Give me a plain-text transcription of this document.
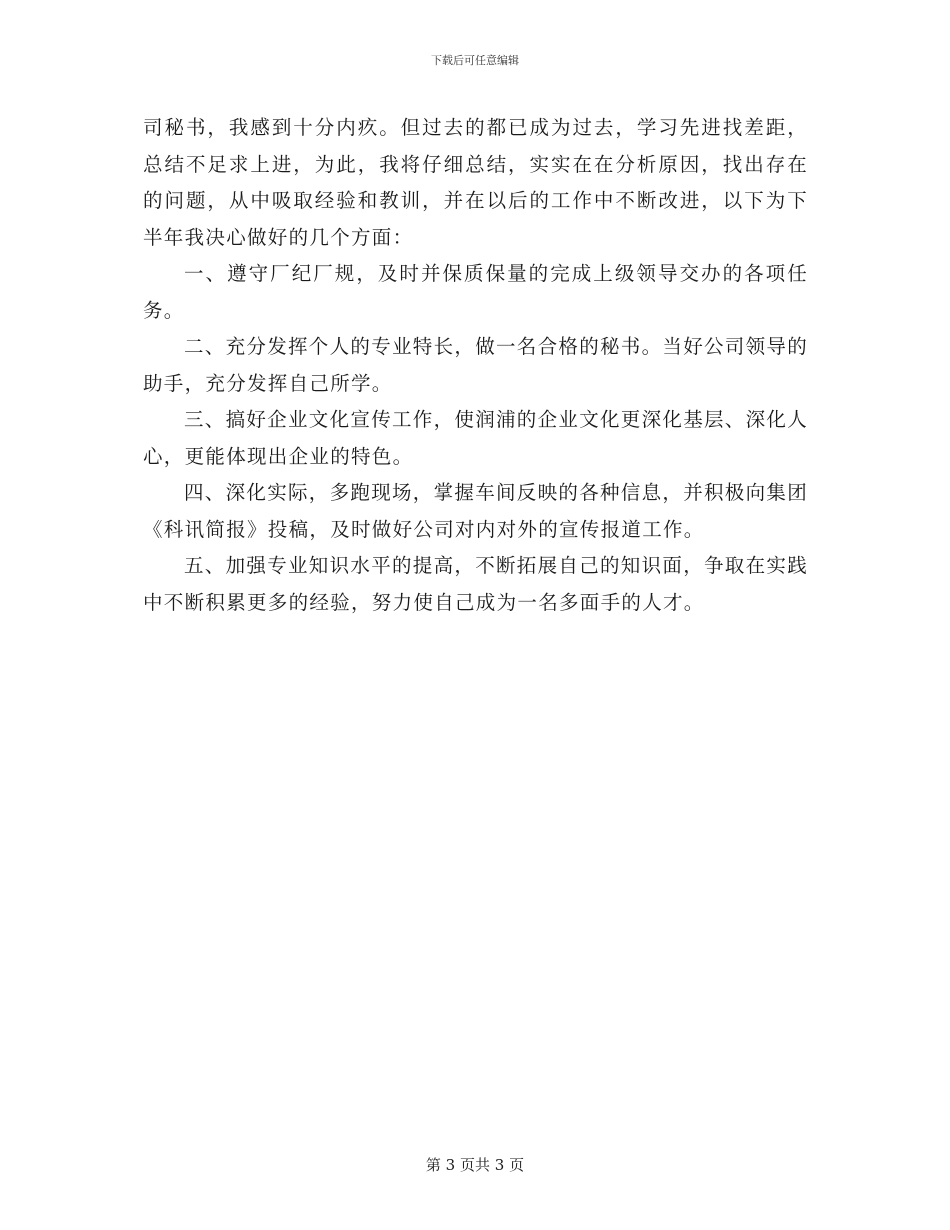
下载后可任意编辑

司秘书，我感到十分内疚。但过去的都已成为过去，学习先进找差距，总结不足求上进，为此，我将仔细总结，实实在在分析原因，找出存在的问题，从中吸取经验和教训，并在以后的工作中不断改进，以下为下半年我决心做好的几个方面：

一、遵守厂纪厂规，及时并保质保量的完成上级领导交办的各项任务。

二、充分发挥个人的专业特长，做一名合格的秘书。当好公司领导的助手，充分发挥自己所学。

三、搞好企业文化宣传工作，使润浦的企业文化更深化基层、深化人心，更能体现出企业的特色。

四、深化实际，多跑现场，掌握车间反映的各种信息，并积极向集团《科讯简报》投稿，及时做好公司对内对外的宣传报道工作。

五、加强专业知识水平的提高，不断拓展自己的知识面，争取在实践中不断积累更多的经验，努力使自己成为一名多面手的人才。

第 3 页共 3 页
